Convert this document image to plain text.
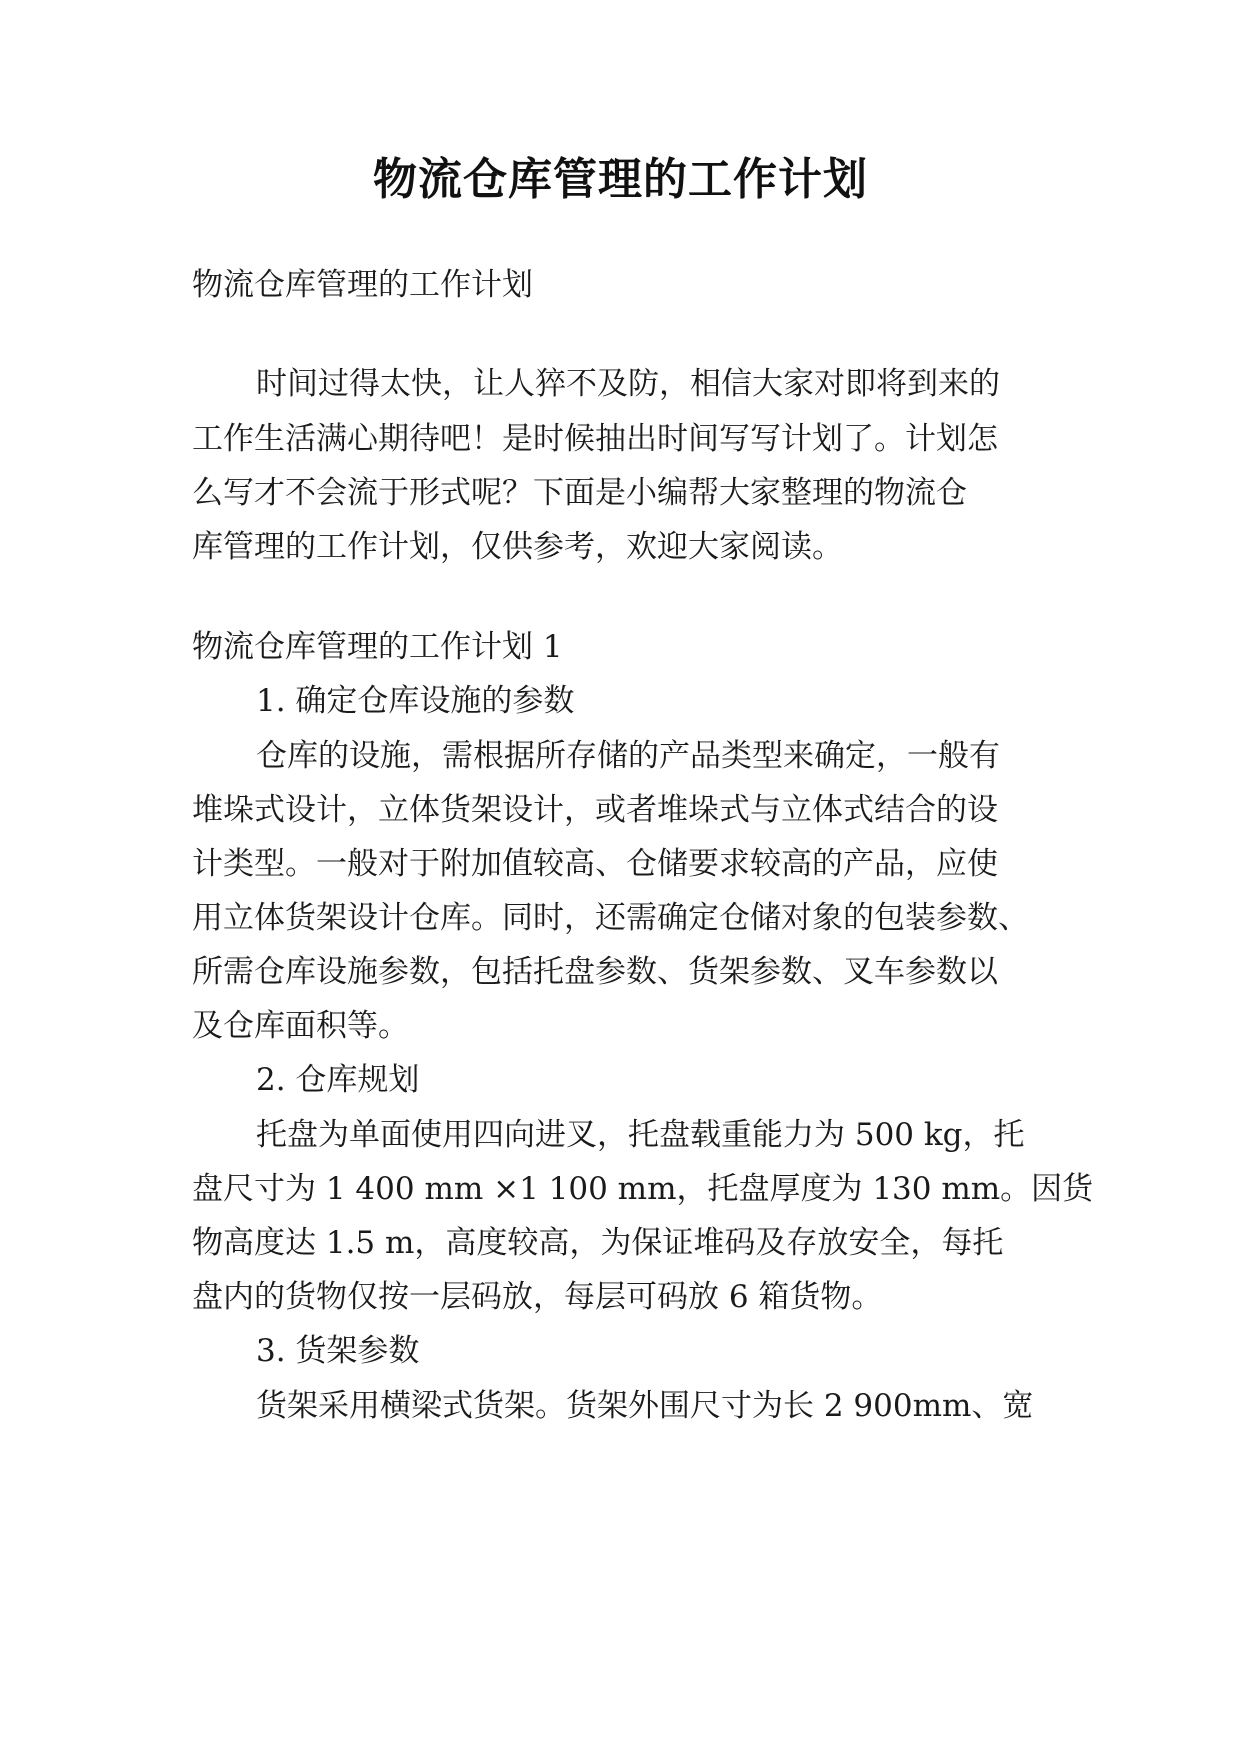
物流仓库管理的工作计划
物流仓库管理的工作计划
时间过得太快，让人猝不及防，相信大家对即将到来的
工作生活满心期待吧！是时候抽出时间写写计划了。计划怎
么写才不会流于形式呢？下面是小编帮大家整理的物流仓
库管理的工作计划，仅供参考，欢迎大家阅读。
物流仓库管理的工作计划 1
1. 确定仓库设施的参数
仓库的设施，需根据所存储的产品类型来确定，一般有
堆垛式设计，立体货架设计，或者堆垛式与立体式结合的设
计类型。一般对于附加值较高、仓储要求较高的产品，应使
用立体货架设计仓库。同时，还需确定仓储对象的包装参数、
所需仓库设施参数，包括托盘参数、货架参数、叉车参数以
及仓库面积等。
2. 仓库规划
托盘为单面使用四向进叉，托盘载重能力为 500 kg，托
盘尺寸为 1 400 mm ×1 100 mm，托盘厚度为 130 mm。因货
物高度达 1.5 m，高度较高，为保证堆码及存放安全，每托
盘内的货物仅按一层码放，每层可码放 6 箱货物。
3. 货架参数
货架采用横梁式货架。货架外围尺寸为长 2 900mm、宽
